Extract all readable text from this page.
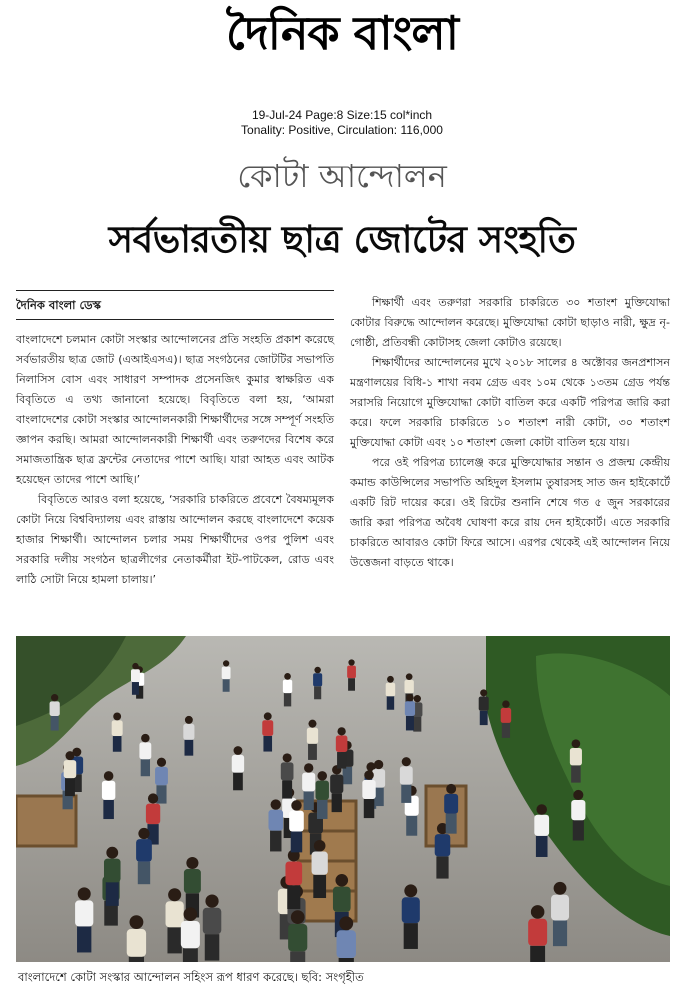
দৈনিক বাংলা
19-Jul-24 Page:8 Size:15 col*inch
Tonality: Positive, Circulation: 116,000
কোটা আন্দোলন
সর্বভারতীয় ছাত্র জোটের সংহতি
দৈনিক বাংলা ডেস্ক

বাংলাদেশে চলমান কোটা সংস্কার আন্দোলনের প্রতি সংহতি প্রকাশ করেছে সর্বভারতীয় ছাত্র জোট (এআইএসএ)। ছাত্র সংগঠনের জোটটির সভাপতি নিলাসিস বোস এবং সাধারণ সম্পাদক প্রসেনজিৎ কুমার স্বাক্ষরিত এক বিবৃতিতে এ তথ্য জানানো হয়েছে। বিবৃতিতে বলা হয়, ‘আমরা বাংলাদেশের কোটা সংস্কার আন্দোলনকারী শিক্ষার্থীদের সঙ্গে সম্পূর্ণ সংহতি জ্ঞাপন করছি। আমরা আন্দোলনকারী শিক্ষার্থী এবং তরুণদের বিশেষ করে সমাজতান্ত্রিক ছাত্র ফ্রন্টের নেতাদের পাশে আছি। যারা আহত এবং আটক হয়েছেন তাদের পাশে আছি।’

বিবৃতিতে আরও বলা হয়েছে, ‘সরকারি চাকরিতে প্রবেশে বৈষম্যমূলক কোটা নিয়ে বিশ্ববিদ্যালয় এবং রাস্তায় আন্দোলন করছে বাংলাদেশে কয়েক হাজার শিক্ষার্থী। আন্দোলন চলার সময় শিক্ষার্থীদের ওপর পুলিশ এবং সরকারি দলীয় সংগঠন ছাত্রলীগের নেতাকর্মীরা ইট-পাটকেল, রোড এবং লাঠি সোটা নিয়ে হামলা চালায়।’

শিক্ষার্থী এবং তরুণরা সরকারি চাকরিতে ৩০ শতাংশ মুক্তিযোদ্ধা কোটার বিরুদ্ধে আন্দোলন করেছে। মুক্তিযোদ্ধা কোটা ছাড়াও নারী, ক্ষুদ্র নৃ-গোষ্ঠী, প্রতিবন্ধী কোটাসহ জেলা কোটাও রয়েছে।

শিক্ষার্থীদের আন্দোলনের মুখে ২০১৮ সালের ৪ অক্টোবর জনপ্রশাসন মন্ত্রণালয়ের বিধি-১ শাখা নবম গ্রেড এবং ১০ম থেকে ১৩তম গ্রেড পর্যন্ত সরাসরি নিয়োগে মুক্তিযোদ্ধা কোটা বাতিল করে একটি পরিপত্র জারি করা করে। ফলে সরকারি চাকরিতে ১০ শতাংশ নারী কোটা, ৩০ শতাংশ মুক্তিযোদ্ধা কোটা এবং ১০ শতাংশ জেলা কোটা বাতিল হয়ে যায়।

পরে ওই পরিপত্র চ্যালেঞ্জ করে মুক্তিযোদ্ধার সন্তান ও প্রজন্ম কেন্দ্রীয় কমান্ড কাউন্সিলের সভাপতি অহিদুল ইসলাম তুষারসহ সাত জন হাইকোর্টে একটি রিট দায়ের করে। ওই রিটের শুনানি শেষে গত ৫ জুন সরকারের জারি করা পরিপত্র অবৈধ ঘোষণা করে রায় দেন হাইকোর্ট। এতে সরকারি চাকরিতে আবারও কোটা ফিরে আসে। এরপর থেকেই এই আন্দোলন নিয়ে উত্তেজনা বাড়তে থাকে।

বাংলাদেশে কোটা সংস্কার আন্দোলন সহিংস রূপ ধারণ করেছে। ছবি: সংগৃহীত
